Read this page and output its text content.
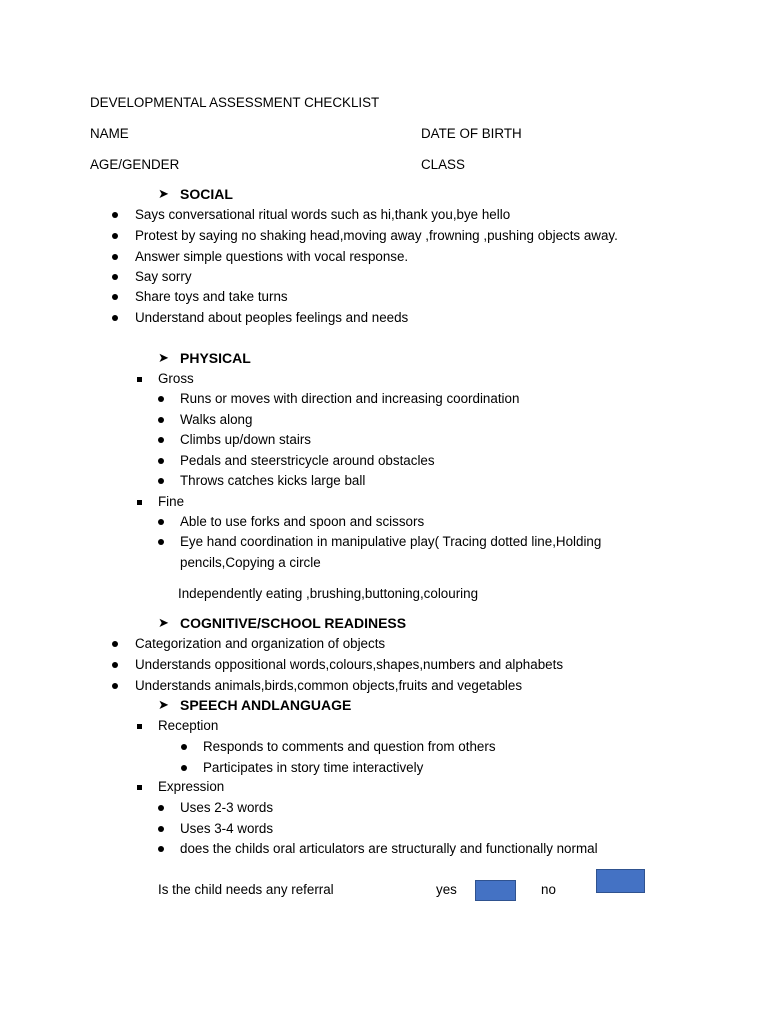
DEVELOPMENTAL ASSESSMENT CHECKLIST
NAME	DATE OF BIRTH
AGE/GENDER	CLASS
➤ SOCIAL
Says conversational ritual words such as hi,thank you,bye hello
Protest by saying no shaking head,moving away ,frowning ,pushing objects away.
Answer simple questions with vocal response.
Say sorry
Share toys and take turns
Understand about peoples feelings and needs
➤ PHYSICAL
Gross
Runs or moves with direction and increasing coordination
Walks along
Climbs up/down stairs
Pedals and steerstricycle around obstacles
Throws catches kicks large ball
Fine
Able to use forks and spoon and scissors
Eye hand coordination in manipulative play( Tracing dotted line,Holding
pencils,Copying a circle
Independently eating ,brushing,buttoning,colouring
➤ COGNITIVE/SCHOOL READINESS
Categorization and organization of objects
Understands oppositional words,colours,shapes,numbers and alphabets
Understands animals,birds,common objects,fruits and vegetables
➤ SPEECH ANDLANGUAGE
Reception
Responds to comments and question from others
Participates in story time interactively
Expression
Uses 2-3 words
Uses 3-4 words
does the childs oral articulators are structurally and functionally normal
Is the child needs any referral	yes	no
